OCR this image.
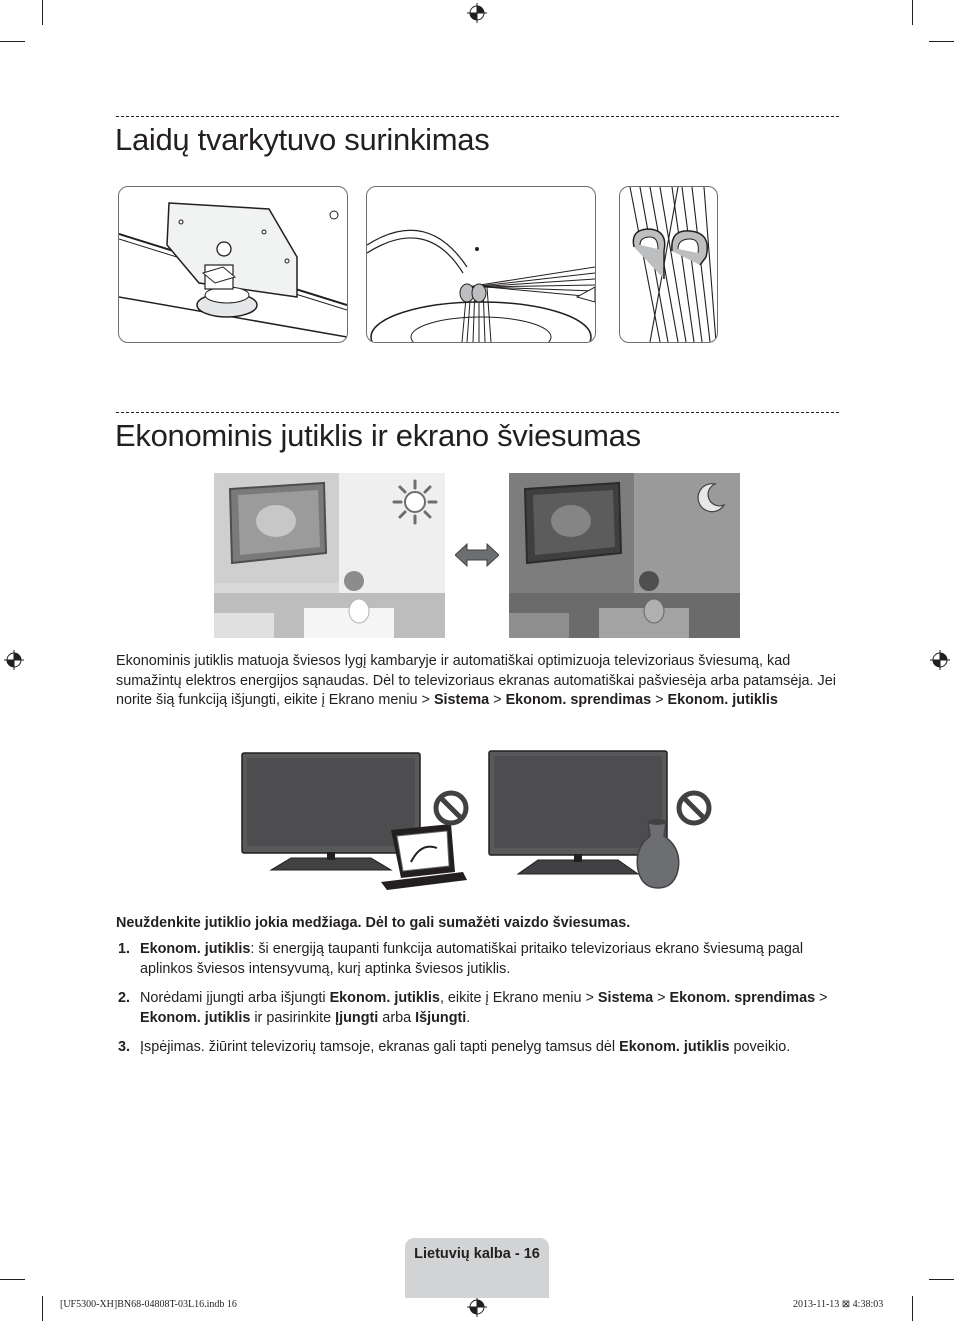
Laidų tvarkytuvo surinkimas
Ekonominis jutiklis ir ekrano šviesumas

Ekonominis jutiklis matuoja šviesos lygį kambaryje ir automatiškai optimizuoja televizoriaus šviesumą, kad sumažintų elektros energijos sąnaudas. Dėl to televizoriaus ekranas automatiškai pašviesėja arba patamsėja. Jei norite šią funkciją išjungti, eikite į Ekrano meniu > Sistema > Ekonom. sprendimas > Ekonom. jutiklis

Neuždenkite jutiklio jokia medžiaga. Dėl to gali sumažėti vaizdo šviesumas.

1. Ekonom. jutiklis: ši energiją taupanti funkcija automatiškai pritaiko televizoriaus ekrano šviesumą pagal aplinkos šviesos intensyvumą, kurį aptinka šviesos jutiklis.
2. Norėdami įjungti arba išjungti Ekonom. jutiklis, eikite į Ekrano meniu > Sistema > Ekonom. sprendimas > Ekonom. jutiklis ir pasirinkite Įjungti arba Išjungti.
3. Įspėjimas. žiūrint televizorių tamsoje, ekranas gali tapti penelyg tamsus dėl Ekonom. jutiklis poveikio.
Lietuvių kalba - 16
[UF5300-XH]BN68-04808T-03L16.indb 16	2013-11-13 ⊠ 4:38:03
